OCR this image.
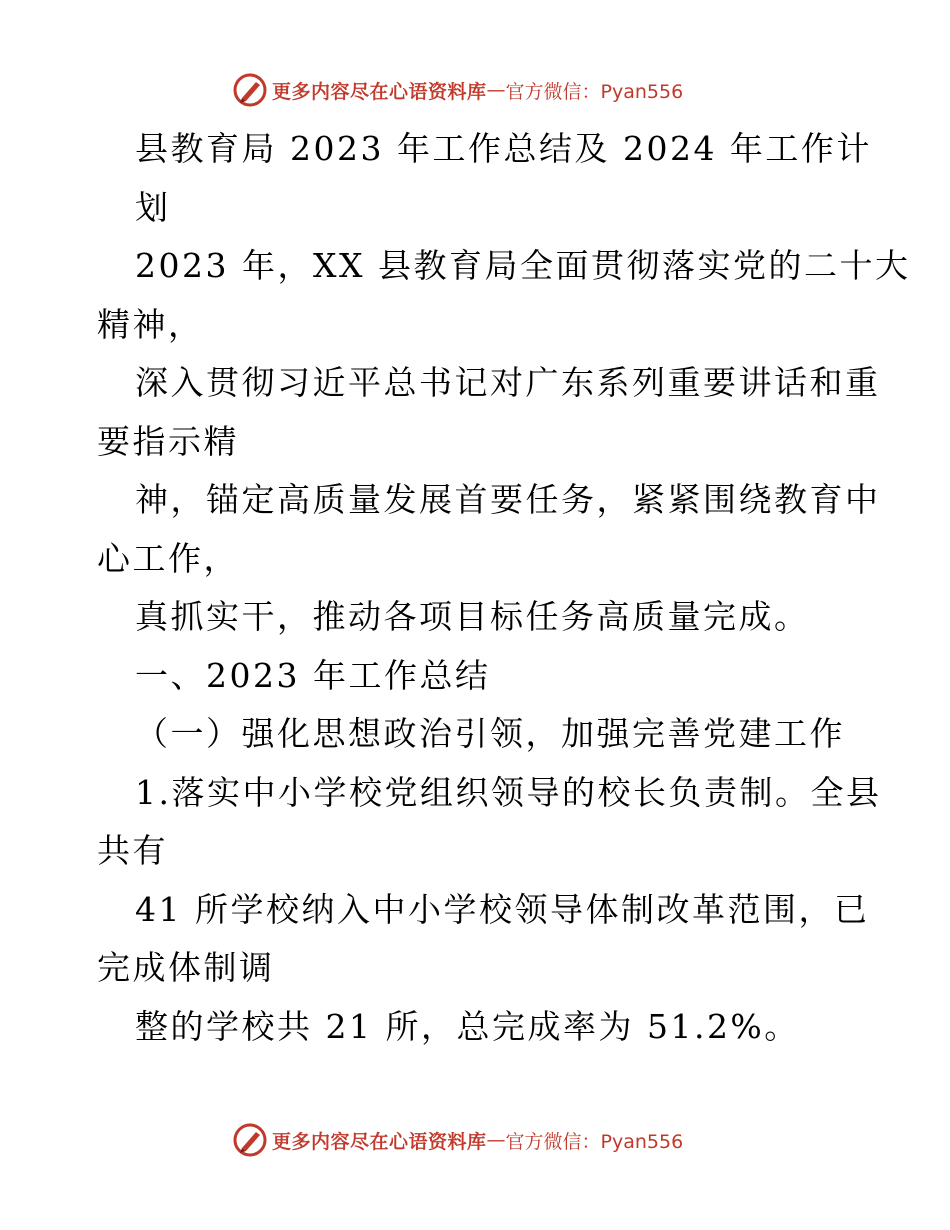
更多内容尽在心语资料库 — 官方微信：Pyan556
县教育局 2023 年工作总结及 2024 年工作计
划
2023 年，XX 县教育局全面贯彻落实党的二十大
精神，
深入贯彻习近平总书记对广东系列重要讲话和重
要指示精
神，锚定高质量发展首要任务，紧紧围绕教育中
心工作，
真抓实干，推动各项目标任务高质量完成。
一、2023 年工作总结
（一）强化思想政治引领，加强完善党建工作
1.落实中小学校党组织领导的校长负责制。全县
共有
41 所学校纳入中小学校领导体制改革范围，已
完成体制调
整的学校共 21 所，总完成率为 51.2%。
更多内容尽在心语资料库 — 官方微信：Pyan556
